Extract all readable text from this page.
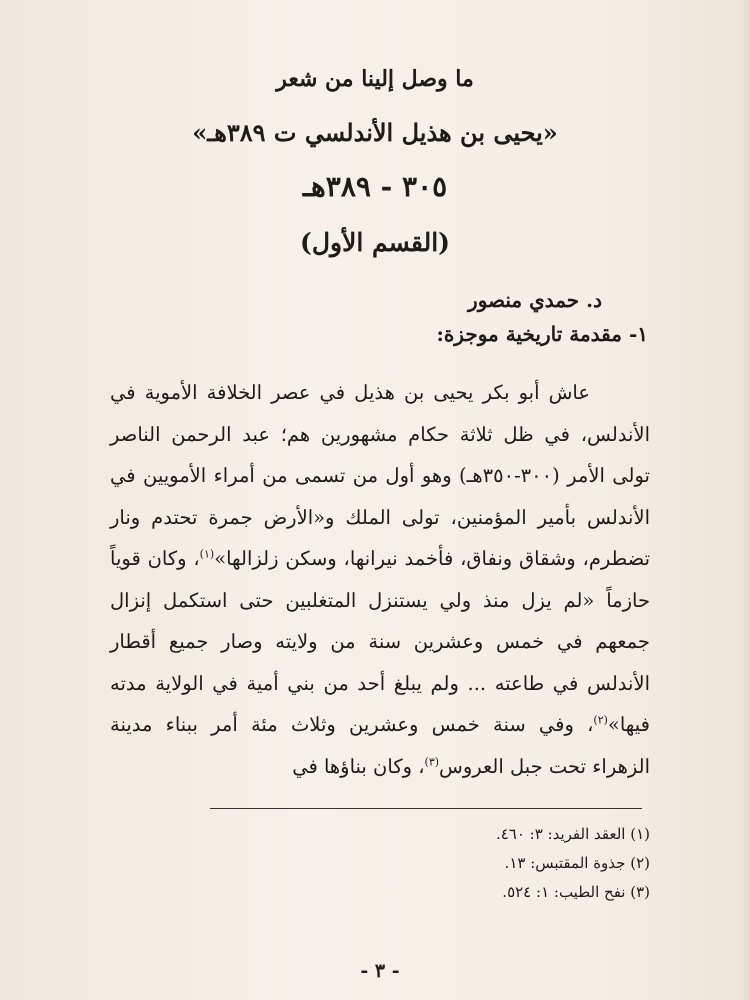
ما وصل إلينا من شعر
«يحيى بن هذيل الأندلسي ت ٣٨٩هـ»
٣٠٥ - ٣٨٩هـ
(القسم الأول)
د. حمدي منصور
١- مقدمة تاريخية موجزة:

عاش أبو بكر يحيى بن هذيل في عصر الخلافة الأموية في الأندلس، في ظل ثلاثة حكام مشهورين هم؛ عبد الرحمن الناصر تولى الأمر (٣٠٠-٣٥٠هـ) وهو أول من تسمى من أمراء الأمويين في الأندلس بأمير المؤمنين، تولى الملك و«الأرض جمرة تحتدم ونار تضطرم، وشقاق ونفاق، فأخمد نيرانها، وسكن زلزالها»$^{(١)}$، وكان قوياً حازماً «لم يزل منذ ولي يستنزل المتغلبين حتى استكمل إنزال جمعهم في خمس وعشرين سنة من ولايته وصار جميع أقطار الأندلس في طاعته ... ولم يبلغ أحد من بني أمية في الولاية مدته فيها»$^{(٢)}$، وفي سنة خمس وعشرين وثلاث مئة أمر ببناء مدينة الزهراء تحت جبل العروس$^{(٣)}$، وكان بناؤها في

(١) العقد الفريد: ٣: ٤٦٠.
(٢) جذوة المقتبس: ١٣.
(٣) نفح الطيب: ١: ٥٢٤.
- ٣ -
